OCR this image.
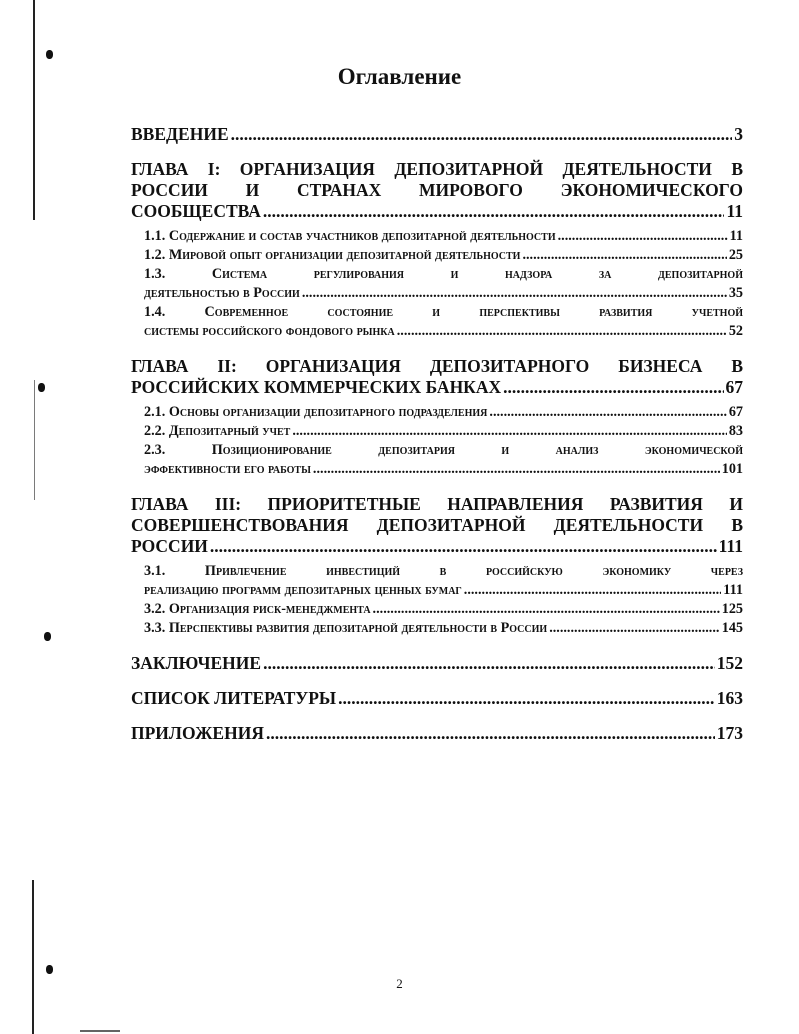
Оглавление
ВВЕДЕНИЕ .....	3
ГЛАВА I: ОРГАНИЗАЦИЯ ДЕПОЗИТАРНОЙ ДЕЯТЕЛЬНОСТИ В
РОССИИ И СТРАНАХ МИРОВОГО ЭКОНОМИЧЕСКОГО
СООБЩЕСТВА .....	11
1.1. Содержание и состав участников депозитарной деятельности .....	11
1.2. Мировой опыт организации депозитарной деятельности .....	25
1.3. Система регулирования и надзора за депозитарной
деятельностью в России .....	35
1.4. Современное состояние и перспективы развития учетной
системы российского фондового рынка .....	52
ГЛАВА II: ОРГАНИЗАЦИЯ ДЕПОЗИТАРНОГО БИЗНЕСА В
РОССИЙСКИХ КОММЕРЧЕСКИХ БАНКАХ .....	67
2.1. Основы организации депозитарного подразделения .....	67
2.2. Депозитарный учет .....	83
2.3. Позиционирование депозитария и анализ экономической
эффективности его работы .....	101
ГЛАВА III: ПРИОРИТЕТНЫЕ НАПРАВЛЕНИЯ РАЗВИТИЯ И
СОВЕРШЕНСТВОВАНИЯ ДЕПОЗИТАРНОЙ ДЕЯТЕЛЬНОСТИ В
РОССИИ .....	111
3.1. Привлечение инвестиций в российскую экономику через
реализацию программ депозитарных ценных бумаг .....	111
3.2. Организация риск-менеджмента .....	125
3.3. Перспективы развития депозитарной деятельности в России .....	145
ЗАКЛЮЧЕНИЕ .....	152
СПИСОК ЛИТЕРАТУРЫ .....	163
ПРИЛОЖЕНИЯ .....	173
2
